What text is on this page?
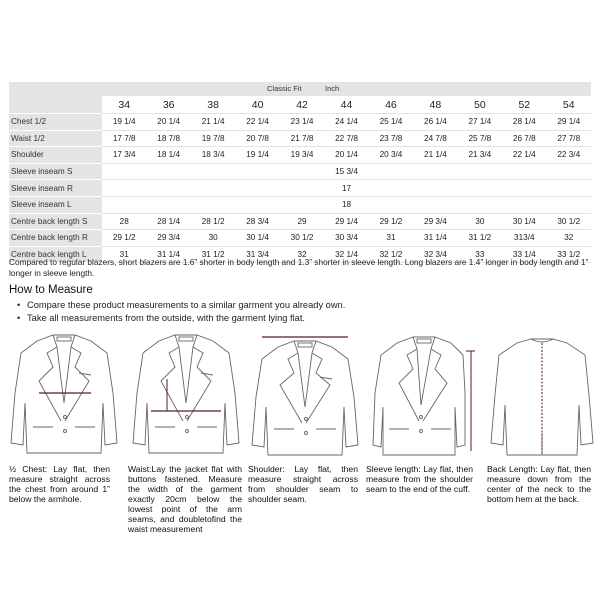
Classic Fit	Inch
	34	36	38	40	42	44	46	48	50	52	54
Chest 1/2	19 1/4	20 1/4	21 1/4	22 1/4	23 1/4	24 1/4	25 1/4	26 1/4	27 1/4	28 1/4	29 1/4
Waist 1/2	17 7/8	18 7/8	19 7/8	20 7/8	21 7/8	22 7/8	23 7/8	24 7/8	25 7/8	26 7/8	27 7/8
Shoulder	17 3/4	18 1/4	18 3/4	19 1/4	19 3/4	20 1/4	20 3/4	21 1/4	21 3/4	22 1/4	22 3/4
Sleeve inseam S	15 3/4										
Sleeve inseam R	17										
Sleeve inseam L	18										
Centre back length S	28	28 1/4	28 1/2	28 3/4	29	29 1/4	29 1/2	29 3/4	30	30 1/4	30 1/2
Centre back length R	29 1/2	29 3/4	30	30 1/4	30 1/2	30 3/4	31	31 1/4	31 1/2	313/4	32
Centre back length L	31	31 1/4	31 1/2	31 3/4	32	32 1/4	32 1/2	32 3/4	33	33 1/4	33 1/2
Compared to regular blazers, short blazers are 1.6” shorter in body length and 1.3” shorter in sleeve length. Long blazers are 1.4” longer in body length and 1” longer in sleeve length.
How to Measure
• Compare these product measurements to a similar garment you already own.
• Take all measurements from the outside, with the garment lying flat.
½ Chest: Lay flat, then measure straight across the chest from around 1” below the armhole.
Waist:Lay the jacket flat with buttons fastened. Measure the width of the garment exactly 20cm below the lowest point of the arm seams, and doubletofind the waist measurement
Shoulder: Lay flat, then measure straight across from shoulder seam to shoulder seam.
Sleeve length: Lay flat, then measure from the shoulder seam to the end of the cuff.
Back Length: Lay flat, then measure down from the center of the neck to the bottom hem at the back.
